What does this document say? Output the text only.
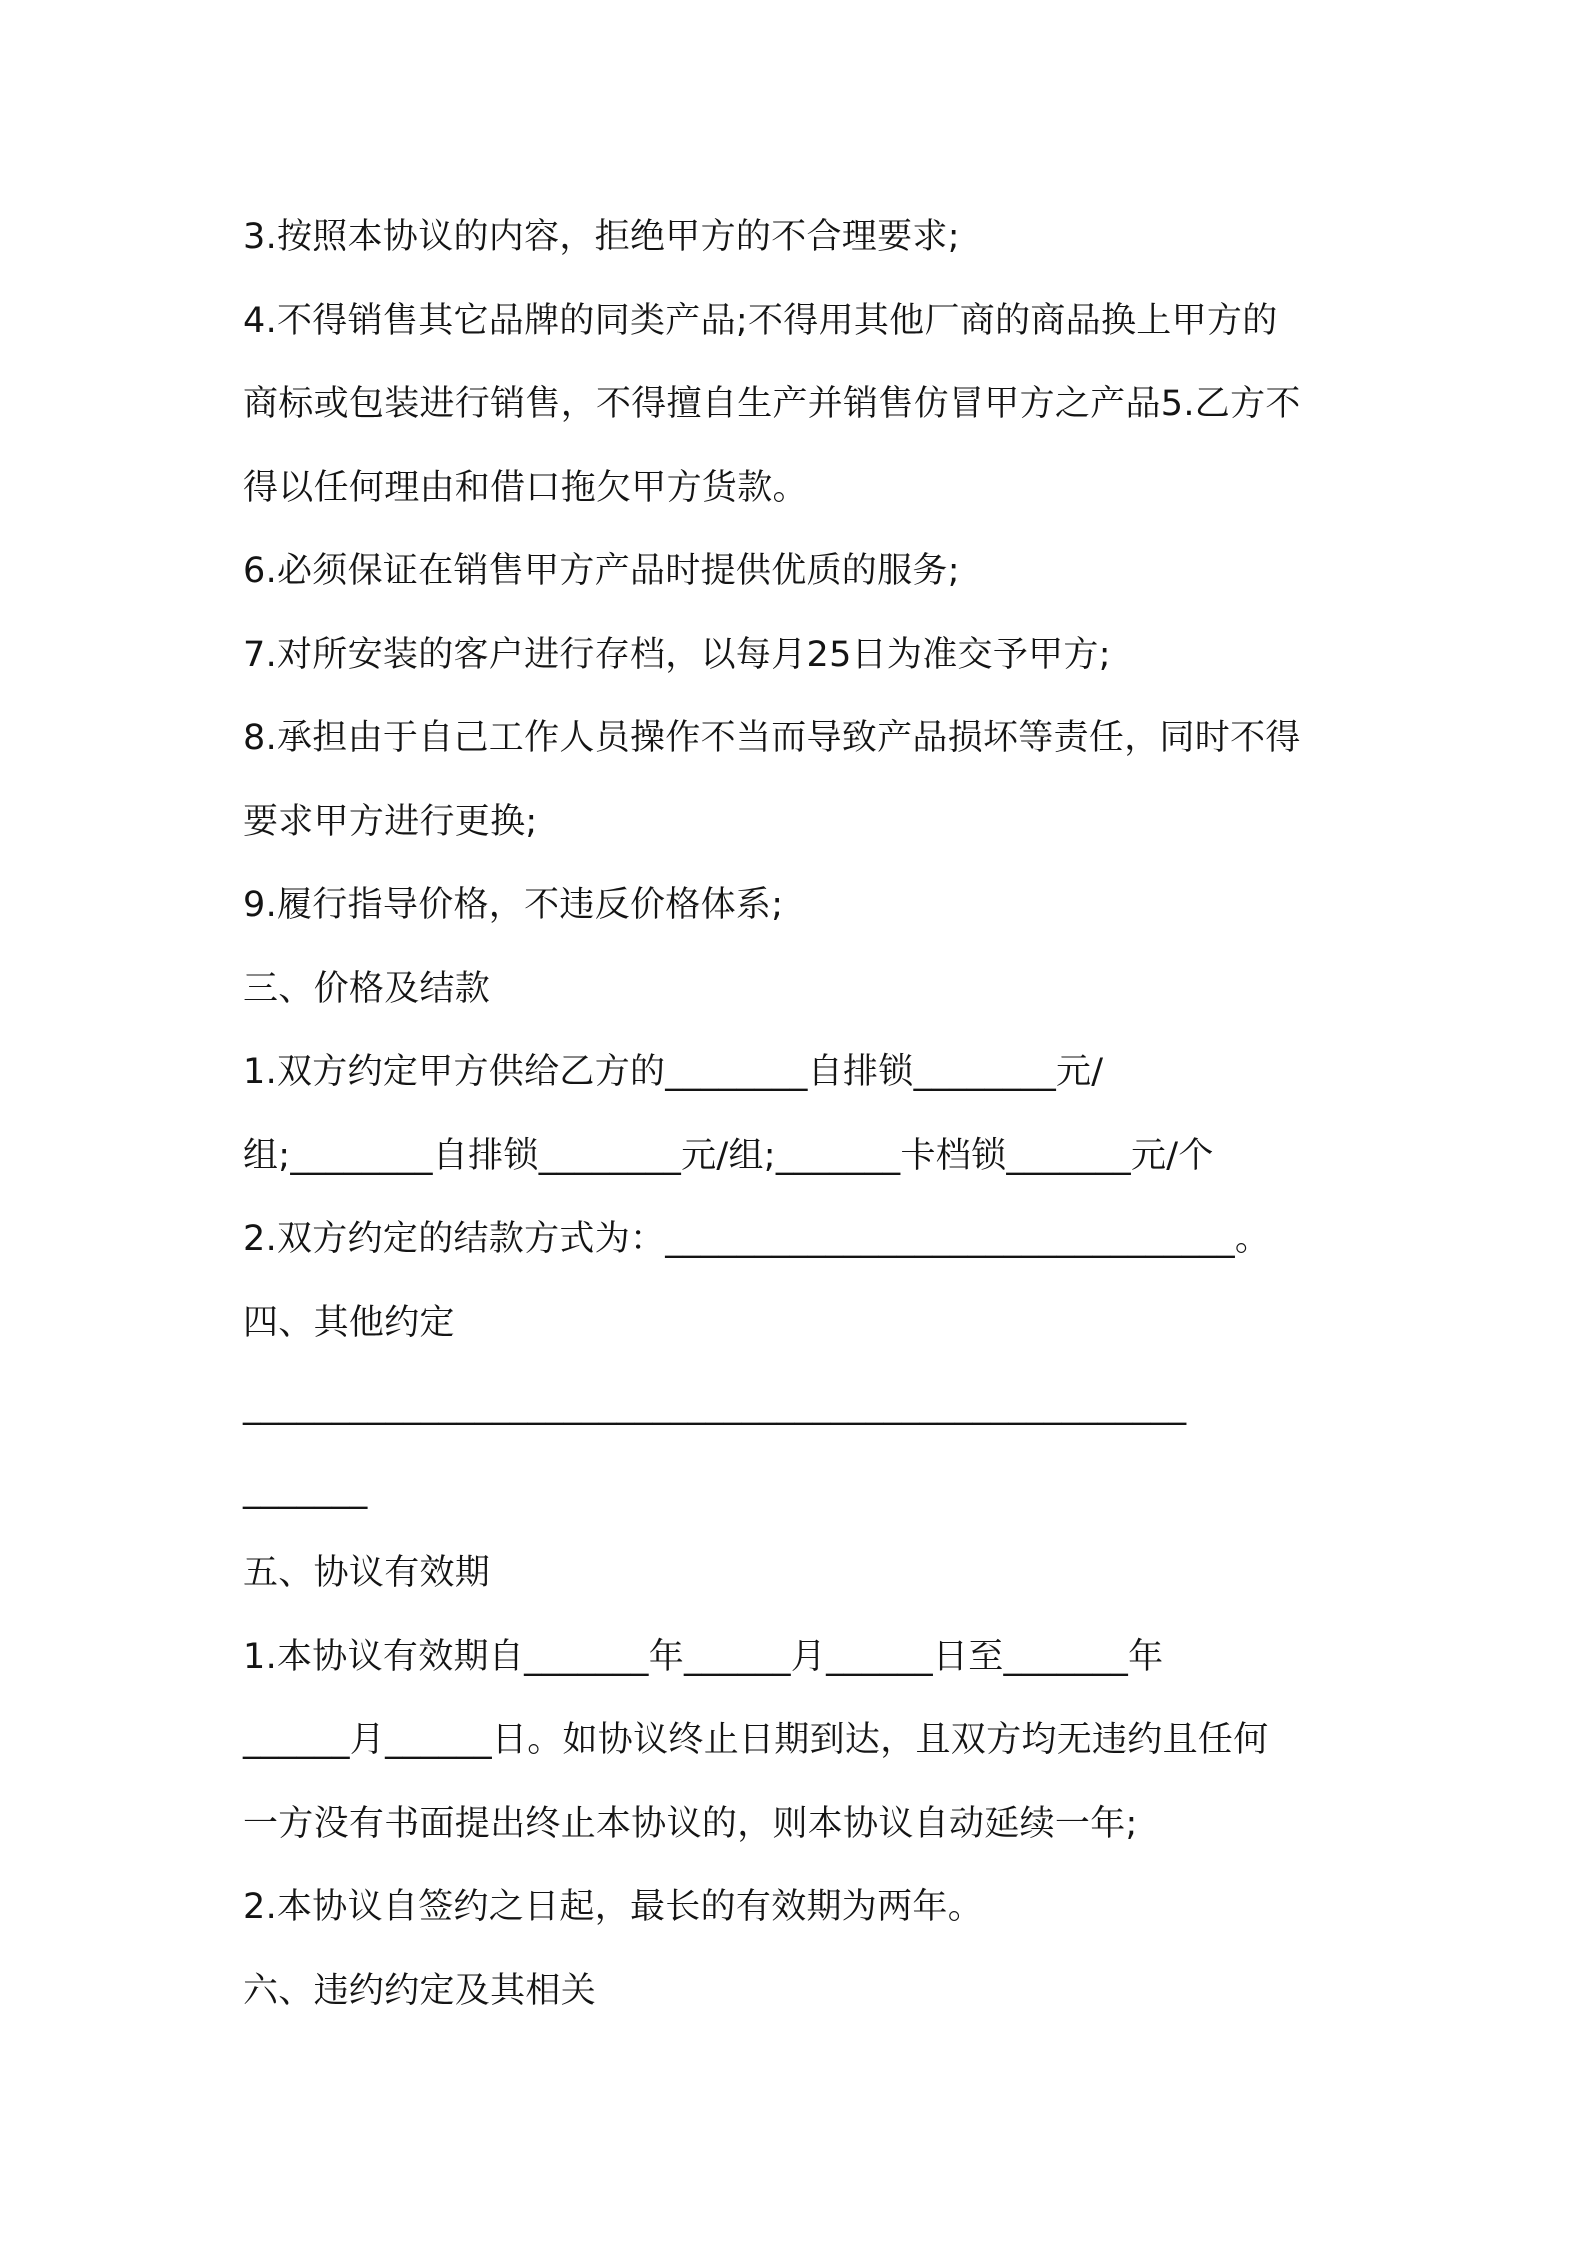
3.按照本协议的内容，拒绝甲方的不合理要求;
4.不得销售其它品牌的同类产品;不得用其他厂商的商品换上甲方的
商标或包装进行销售，不得擅自生产并销售仿冒甲方之产品5.乙方不
得以任何理由和借口拖欠甲方货款。
6.必须保证在销售甲方产品时提供优质的服务;
7.对所安装的客户进行存档，以每月25日为准交予甲方;
8.承担由于自己工作人员操作不当而导致产品损坏等责任，同时不得
要求甲方进行更换;
9.履行指导价格，不违反价格体系;
三、价格及结款
1.双方约定甲方供给乙方的________自排锁________元/
组;________自排锁________元/组;_______卡档锁_______元/个
2.双方约定的结款方式为：________________________________。
四、其他约定
_____________________________________________________
_______
五、协议有效期
1.本协议有效期自_______年______月______日至_______年
______月______日。如协议终止日期到达，且双方均无违约且任何
一方没有书面提出终止本协议的，则本协议自动延续一年;
2.本协议自签约之日起，最长的有效期为两年。
六、违约约定及其相关
